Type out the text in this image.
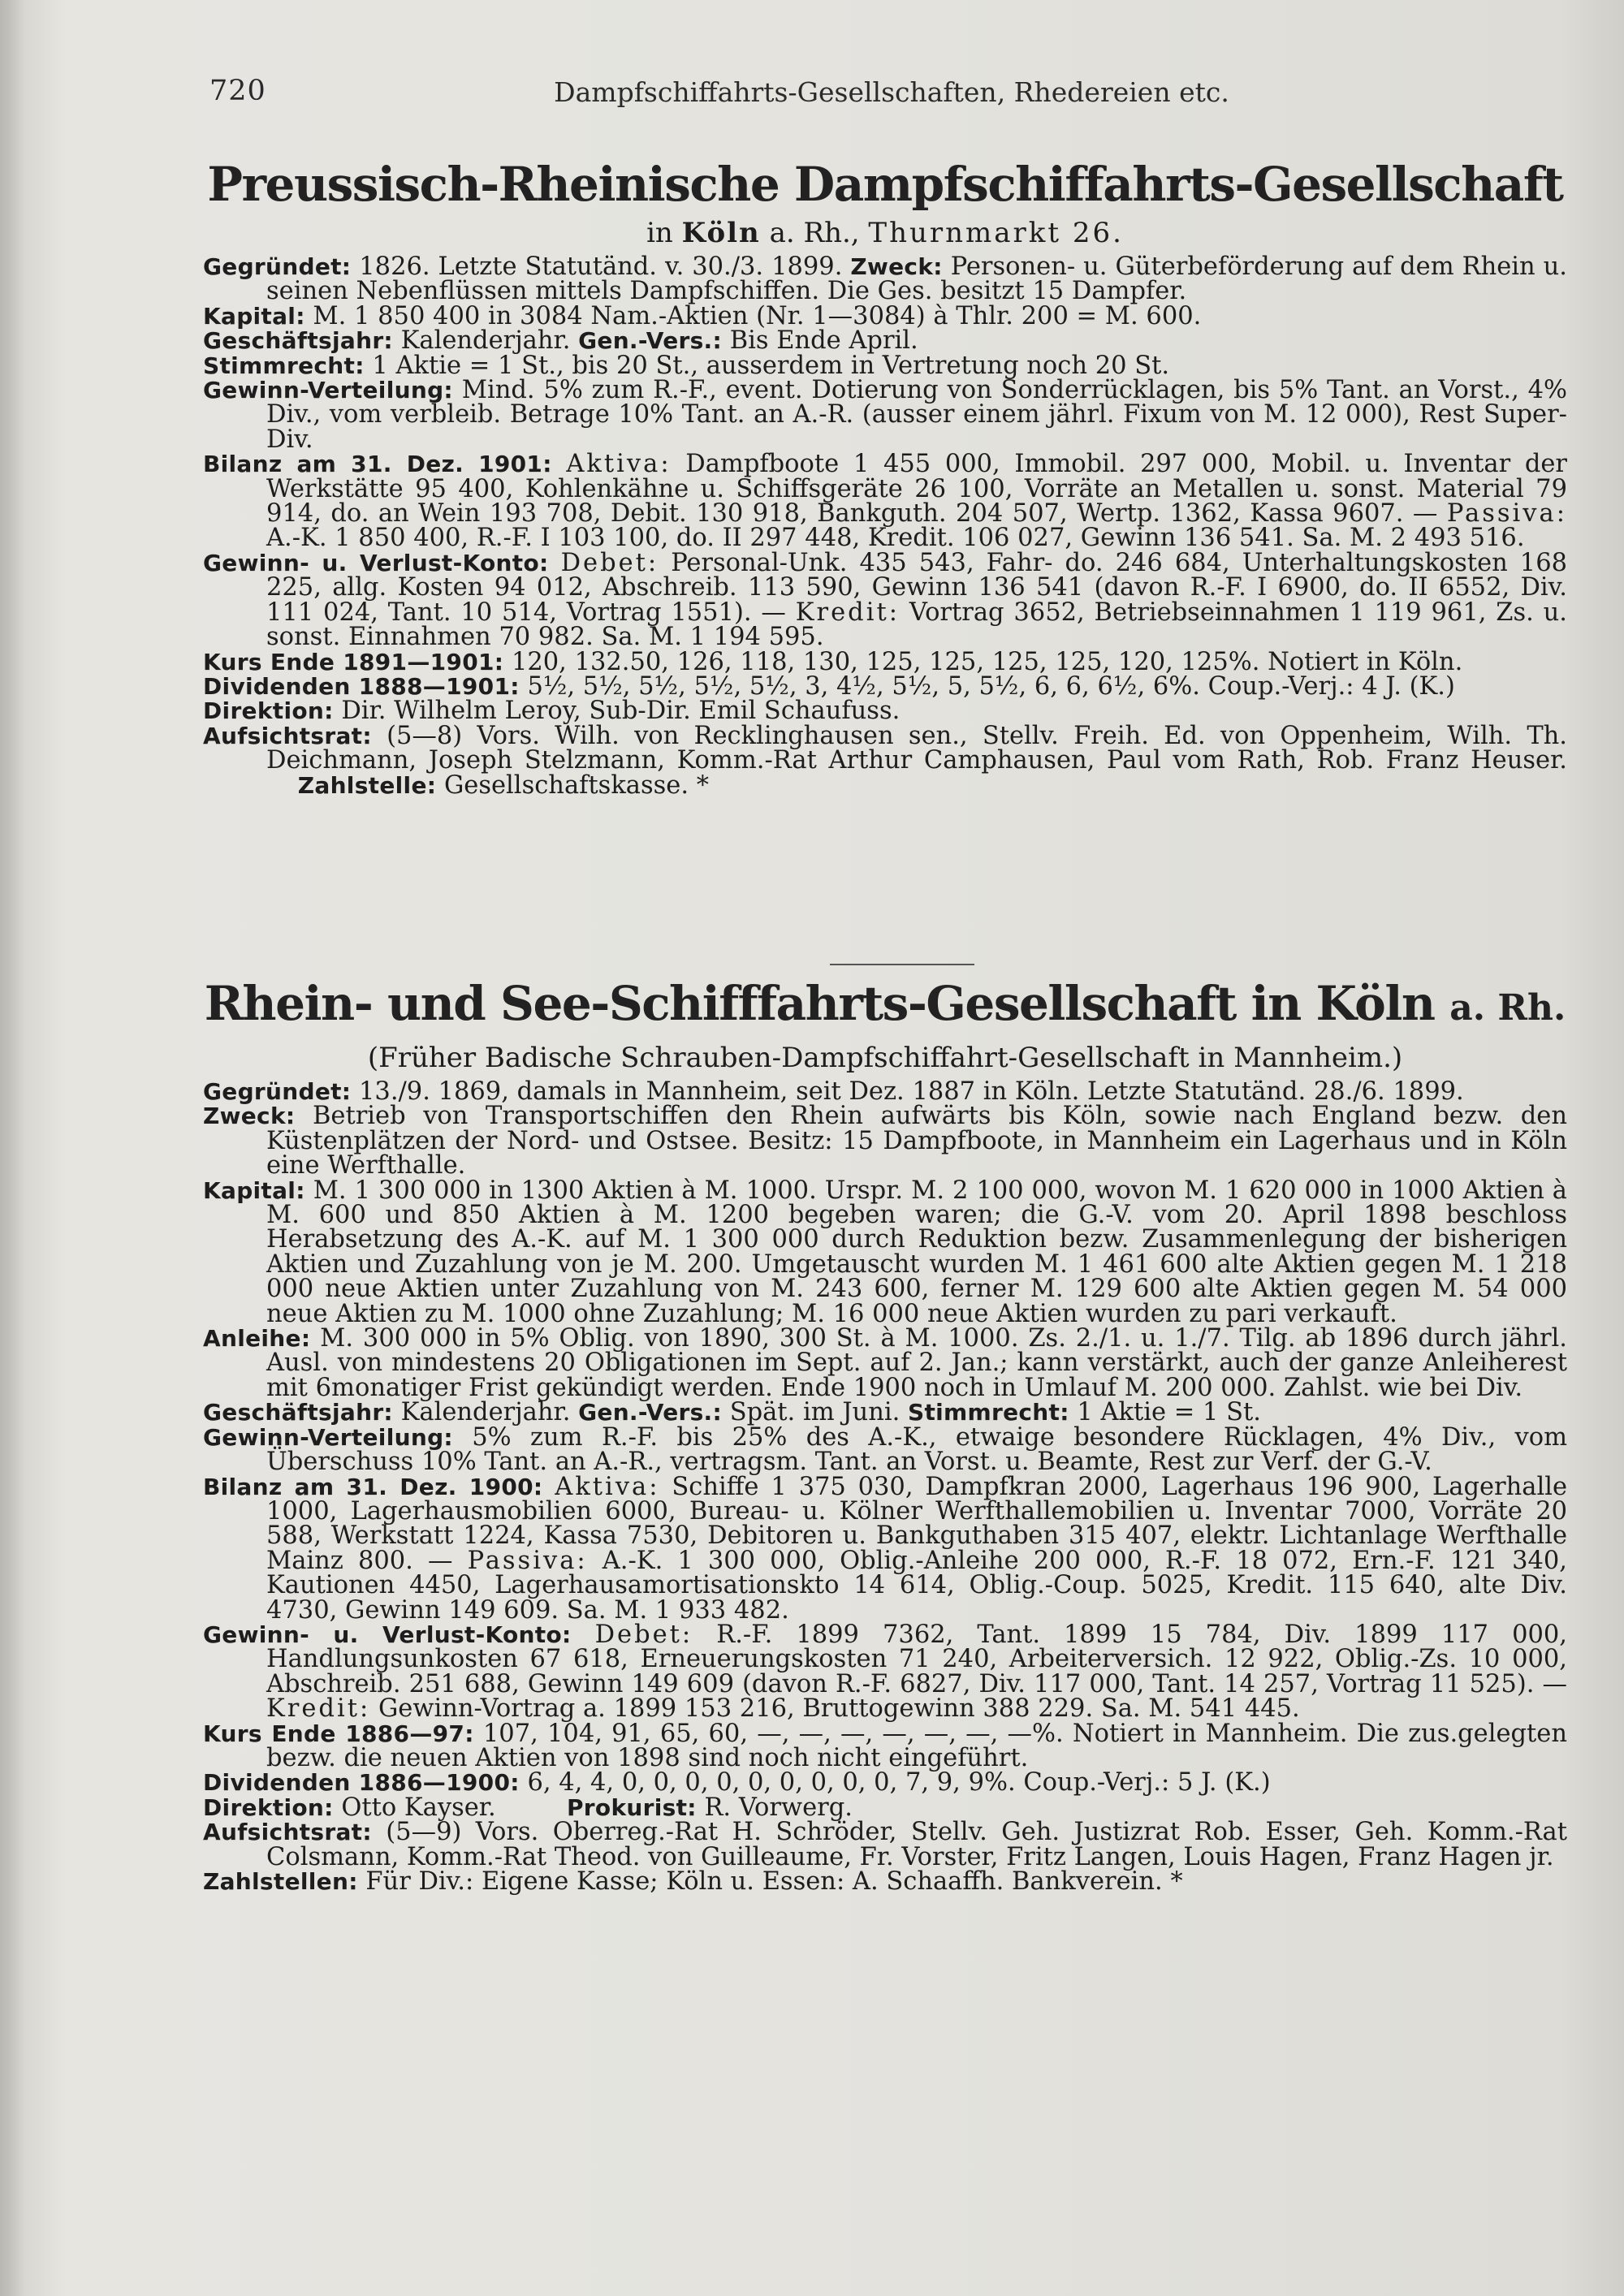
720	Dampfschiffahrts-Gesellschaften, Rhedereien etc.
Preussisch-Rheinische Dampfschiffahrts-Gesellschaft
in Köln a. Rh., Thurnmarkt 26.

Gegründet: 1826. Letzte Statutänd. v. 30./3. 1899. Zweck: Personen- u. Güterbeförderung auf dem Rhein u. seinen Nebenflüssen mittels Dampfschiffen. Die Ges. besitzt 15 Dampfer.

Kapital: M. 1 850 400 in 3084 Nam.-Aktien (Nr. 1—3084) à Thlr. 200 = M. 600.

Geschäftsjahr: Kalenderjahr. Gen.-Vers.: Bis Ende April.

Stimmrecht: 1 Aktie = 1 St., bis 20 St., ausserdem in Vertretung noch 20 St.

Gewinn-Verteilung: Mind. 5% zum R.-F., event. Dotierung von Sonderrücklagen, bis 5% Tant. an Vorst., 4% Div., vom verbleib. Betrage 10% Tant. an A.-R. (ausser einem jährl. Fixum von M. 12 000), Rest Super-Div.

Bilanz am 31. Dez. 1901: Aktiva: Dampfboote 1 455 000, Immobil. 297 000, Mobil. u. Inventar der Werkstätte 95 400, Kohlenkähne u. Schiffsgeräte 26 100, Vorräte an Metallen u. sonst. Material 79 914, do. an Wein 193 708, Debit. 130 918, Bankguth. 204 507, Wertp. 1362, Kassa 9607. — Passiva: A.-K. 1 850 400, R.-F. I 103 100, do. II 297 448, Kredit. 106 027, Gewinn 136 541. Sa. M. 2 493 516.

Gewinn- u. Verlust-Konto: Debet: Personal-Unk. 435 543, Fahr- do. 246 684, Unterhaltungskosten 168 225, allg. Kosten 94 012, Abschreib. 113 590, Gewinn 136 541 (davon R.-F. I 6900, do. II 6552, Div. 111 024, Tant. 10 514, Vortrag 1551). — Kredit: Vortrag 3652, Betriebseinnahmen 1 119 961, Zs. u. sonst. Einnahmen 70 982. Sa. M. 1 194 595.

Kurs Ende 1891—1901: 120, 132.50, 126, 118, 130, 125, 125, 125, 125, 120, 125%. Notiert in Köln.

Dividenden 1888—1901: 5½, 5½, 5½, 5½, 5½, 3, 4½, 5½, 5, 5½, 6, 6, 6½, 6%. Coup.-Verj.: 4 J. (K.)

Direktion: Dir. Wilhelm Leroy, Sub-Dir. Emil Schaufuss.

Aufsichtsrat: (5—8) Vors. Wilh. von Recklinghausen sen., Stellv. Freih. Ed. von Oppenheim, Wilh. Th. Deichmann, Joseph Stelzmann, Komm.-Rat Arthur Camphausen, Paul vom Rath, Rob. Franz Heuser.     Zahlstelle: Gesellschaftskasse. *

Rhein- und See-Schifffahrts-Gesellschaft in Köln a. Rh.
(Früher Badische Schrauben-Dampfschiffahrt-Gesellschaft in Mannheim.)

Gegründet: 13./9. 1869, damals in Mannheim, seit Dez. 1887 in Köln. Letzte Statutänd. 28./6. 1899.

Zweck: Betrieb von Transportschiffen den Rhein aufwärts bis Köln, sowie nach England bezw. den Küstenplätzen der Nord- und Ostsee. Besitz: 15 Dampfboote, in Mannheim ein Lagerhaus und in Köln eine Werfthalle.

Kapital: M. 1 300 000 in 1300 Aktien à M. 1000. Urspr. M. 2 100 000, wovon M. 1 620 000 in 1000 Aktien à M. 600 und 850 Aktien à M. 1200 begeben waren; die G.-V. vom 20. April 1898 beschloss Herabsetzung des A.-K. auf M. 1 300 000 durch Reduktion bezw. Zusammenlegung der bisherigen Aktien und Zuzahlung von je M. 200. Umgetauscht wurden M. 1 461 600 alte Aktien gegen M. 1 218 000 neue Aktien unter Zuzahlung von M. 243 600, ferner M. 129 600 alte Aktien gegen M. 54 000 neue Aktien zu M. 1000 ohne Zuzahlung; M. 16 000 neue Aktien wurden zu pari verkauft.

Anleihe: M. 300 000 in 5% Oblig. von 1890, 300 St. à M. 1000. Zs. 2./1. u. 1./7. Tilg. ab 1896 durch jährl. Ausl. von mindestens 20 Obligationen im Sept. auf 2. Jan.; kann verstärkt, auch der ganze Anleiherest mit 6monatiger Frist gekündigt werden. Ende 1900 noch in Umlauf M. 200 000. Zahlst. wie bei Div.

Geschäftsjahr: Kalenderjahr. Gen.-Vers.: Spät. im Juni. Stimmrecht: 1 Aktie = 1 St.

Gewinn-Verteilung: 5% zum R.-F. bis 25% des A.-K., etwaige besondere Rücklagen, 4% Div., vom Überschuss 10% Tant. an A.-R., vertragsm. Tant. an Vorst. u. Beamte, Rest zur Verf. der G.-V.

Bilanz am 31. Dez. 1900: Aktiva: Schiffe 1 375 030, Dampfkran 2000, Lagerhaus 196 900, Lagerhalle 1000, Lagerhausmobilien 6000, Bureau- u. Kölner Werfthallemobilien u. Inventar 7000, Vorräte 20 588, Werkstatt 1224, Kassa 7530, Debitoren u. Bankguthaben 315 407, elektr. Lichtanlage Werfthalle Mainz 800. — Passiva: A.-K. 1 300 000, Oblig.-Anleihe 200 000, R.-F. 18 072, Ern.-F. 121 340, Kautionen 4450, Lagerhausamortisationskto 14 614, Oblig.-Coup. 5025, Kredit. 115 640, alte Div. 4730, Gewinn 149 609. Sa. M. 1 933 482.

Gewinn- u. Verlust-Konto: Debet: R.-F. 1899 7362, Tant. 1899 15 784, Div. 1899 117 000, Handlungsunkosten 67 618, Erneuerungskosten 71 240, Arbeiterversich. 12 922, Oblig.-Zs. 10 000, Abschreib. 251 688, Gewinn 149 609 (davon R.-F. 6827, Div. 117 000, Tant. 14 257, Vortrag 11 525). — Kredit: Gewinn-Vortrag a. 1899 153 216, Bruttogewinn 388 229. Sa. M. 541 445.

Kurs Ende 1886—97: 107, 104, 91, 65, 60, —, —, —, —, —, —, —%. Notiert in Mannheim. Die zus.gelegten bezw. die neuen Aktien von 1898 sind noch nicht eingeführt.

Dividenden 1886—1900: 6, 4, 4, 0, 0, 0, 0, 0, 0, 0, 0, 0, 7, 9, 9%. Coup.-Verj.: 5 J. (K.)

Direktion: Otto Kayser.	Prokurist: R. Vorwerg.

Aufsichtsrat: (5—9) Vors. Oberreg.-Rat H. Schröder, Stellv. Geh. Justizrat Rob. Esser, Geh. Komm.-Rat Colsmann, Komm.-Rat Theod. von Guilleaume, Fr. Vorster, Fritz Langen, Louis Hagen, Franz Hagen jr.

Zahlstellen: Für Div.: Eigene Kasse; Köln u. Essen: A. Schaaffh. Bankverein. *
